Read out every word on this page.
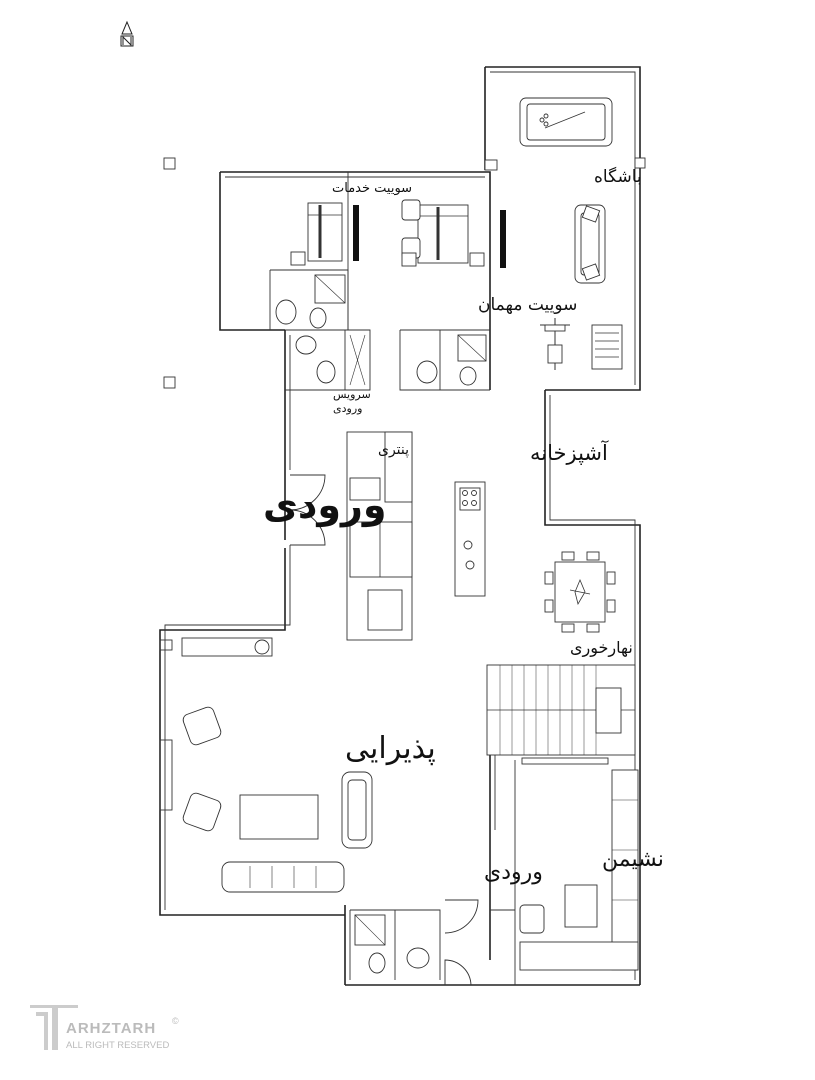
باشگاه
سوییت خدمات
سوییت مهمان
سرویس
ورودی
پنتری	آشپزخانه
ورودی
نهارخوری
پذیرایی
نشیمن
ورودی
ARHZTARH ©
ALL RIGHT RESERVED
